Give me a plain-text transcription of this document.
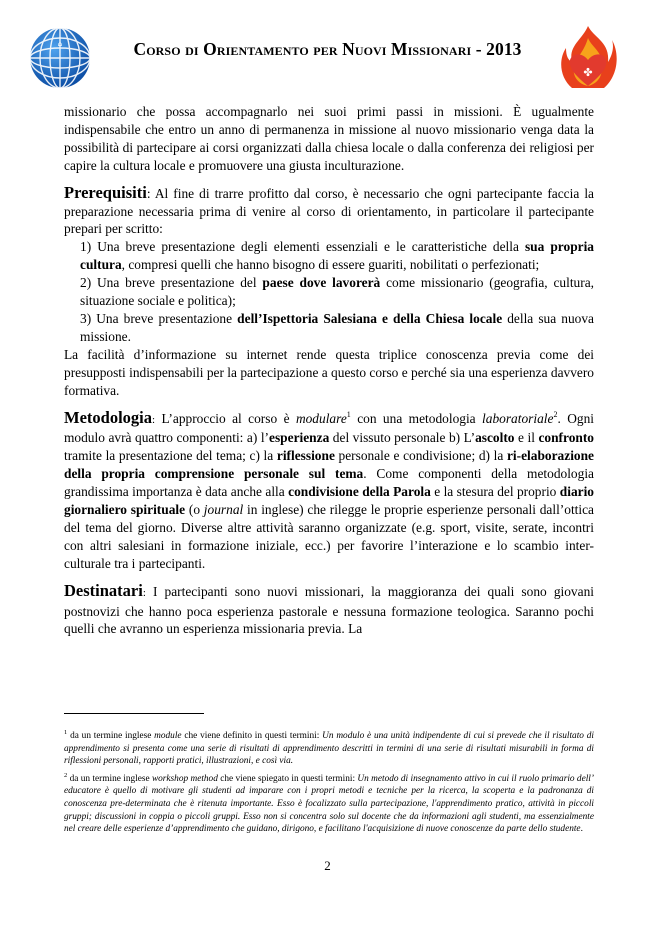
⌂	Corso di Orientamento per Nuovi Missionari - 2013
✤

missionario che possa accompagnarlo nei suoi primi passi in missioni. È ugualmente indispensabile che entro un anno di permanenza in missione al nuovo missionario venga data la possibilità di partecipare ai corsi organizzati dalla chiesa locale o dalla conferenza dei religiosi per capire la cultura locale e promuovere una giusta inculturazione.

Prerequisiti: Al fine di trarre profitto dal corso, è necessario che ogni partecipante faccia la preparazione necessaria prima di venire al corso di orientamento, in particolare il partecipante prepari per scritto:

1) Una breve presentazione degli elementi essenziali e le caratteristiche della sua propria cultura, compresi quelli che hanno bisogno di essere guariti, nobilitati o perfezionati;

2) Una breve presentazione del paese dove lavorerà come missionario (geografia, cultura, situazione sociale e politica);

3) Una breve presentazione dell’Ispettoria Salesiana e della Chiesa locale della sua nuova missione.

La facilità d’informazione su internet rende questa triplice conoscenza previa come dei presupposti indispensabili per la partecipazione a questo corso e perché sia una esperienza davvero formativa.

Metodologia: L’approccio al corso è modulare$^1$ con una metodologia laboratoriale$^2$. Ogni modulo avrà quattro componenti: a) l’esperienza del vissuto personale b) L’ascolto e il confronto tramite la presentazione del tema; c) la riflessione personale e condivisione; d) la ri-elaborazione della propria comprensione personale sul tema. Come componenti della metodologia grandissima importanza è data anche alla condivisione della Parola e la stesura del proprio diario giornaliero spirituale (o journal in inglese) che rilegge le proprie esperienze personali dall’ottica del tema del giorno. Diverse altre attività saranno organizzate (e.g. sport, visite, serate, incontri con altri salesiani in formazione iniziale, ecc.) per favorire l’interazione e lo scambio inter-culturale tra i partecipanti.

Destinatari: I partecipanti sono nuovi missionari, la maggioranza dei quali sono giovani postnovizi che hanno poca esperienza pastorale e nessuna formazione teologica. Saranno pochi quelli che avranno un esperienza missionaria previa. La

$^1$ da un termine inglese module che viene definito in questi termini: Un modulo è una unità indipendente di cui si prevede che il risultato di apprendimento si presenta come una serie di risultati di apprendimento descritti in termini di una serie di risultati misurabili in forma di riflessioni personali, rapporti pratici, illustrazioni, e così via.

$^2$ da un termine inglese workshop method che viene spiegato in questi termini: Un metodo di insegnamento attivo in cui il ruolo primario dell’ educatore è quello di motivare gli studenti ad imparare con i propri metodi e tecniche per la ricerca, la scoperta e la padronanza di conoscenza pre-determinata che è ritenuta importante. Esso è focalizzato sulla partecipazione, l'apprendimento pratico, attività in piccoli gruppi; discussioni in coppia o piccoli gruppi. Esso non si concentra solo sul docente che da informazioni agli studenti, ma essenzialmente nel creare delle esperienze d’apprendimento che guidano, dirigono, e facilitano l'acquisizione di nuove conoscenze da parte dello studente.

2
